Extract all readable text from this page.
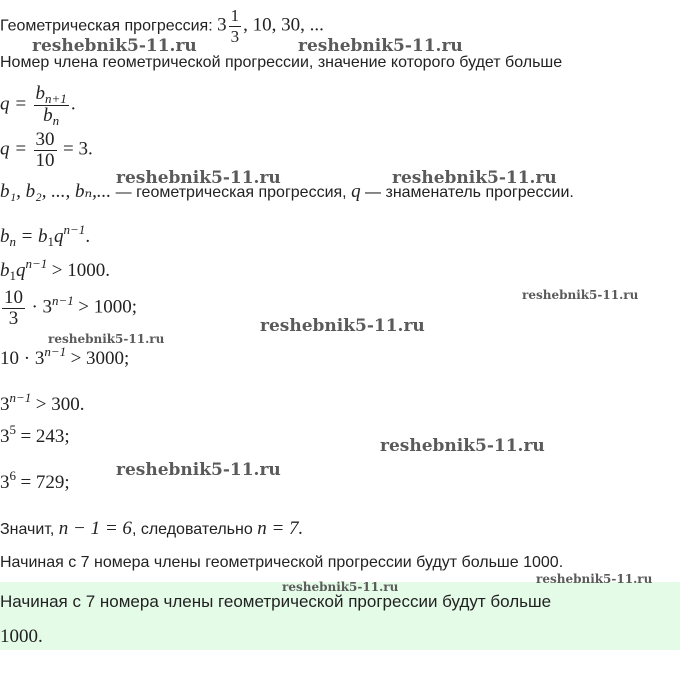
Геометрическая прогрессия: $3 \frac{1}{3}$ , 10, 30, ...
Номер члена геометрической прогрессии, значение которого будет больше
$q = \frac{b_{n+1}}{b_n}$ .
$q = \frac{30}{10} = 3$.
b₁, b₂, ..., bₙ,... — геометрическая прогрессия, q — знаменатель прогрессии.
$b_n = b_1q^{n-1}$.
$b_1q^{n-1} > 1000$.
$\frac{10}{3} \cdot 3^{n-1} > 1000$;
$10 \cdot 3^{n-1} > 3000$;
$3^{n-1} > 300$.
$3^5 = 243$;
$3^6 = 729$;
Значит, n − 1 = 6, следовательно n = 7.
Начиная с 7 номера члены геометрической прогрессии будут больше 1000.
Начиная с 7 номера члены геометрической прогрессии будут больше
1000.
reshebnik5-11.ru	reshebnik5-11.ru
reshebnik5-11.ru	reshebnik5-11.ru
reshebnik5-11.ru
reshebnik5-11.ru
reshebnik5-11.ru
reshebnik5-11.ru
reshebnik5-11.ru
reshebnik5-11.ru
reshebnik5-11.ru
